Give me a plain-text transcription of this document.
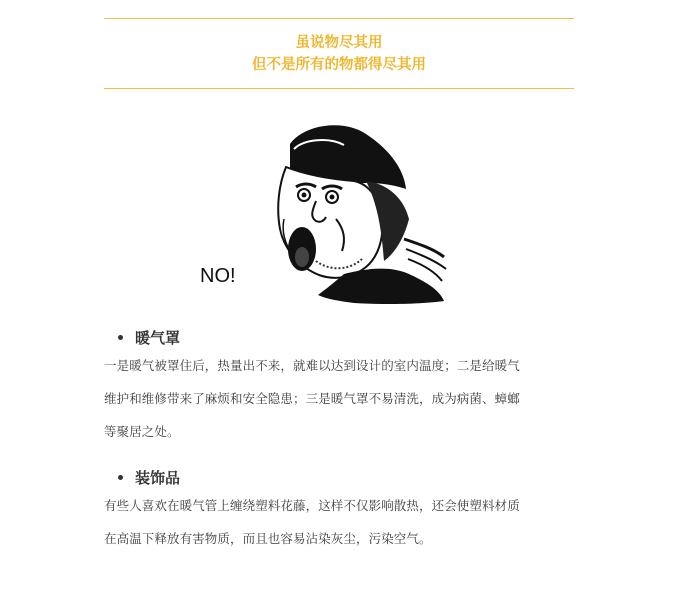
虽说物尽其用
但不是所有的物都得尽其用
NO!
暖气罩

一是暖气被罩住后，热量出不来，就难以达到设计的室内温度；二是给暖气
维护和维修带来了麻烦和安全隐患；三是暖气罩不易清洗，成为病菌、蟑螂
等聚居之处。

装饰品

有些人喜欢在暖气管上缠绕塑料花藤，这样不仅影响散热，还会使塑料材质
在高温下释放有害物质，而且也容易沾染灰尘，污染空气。
